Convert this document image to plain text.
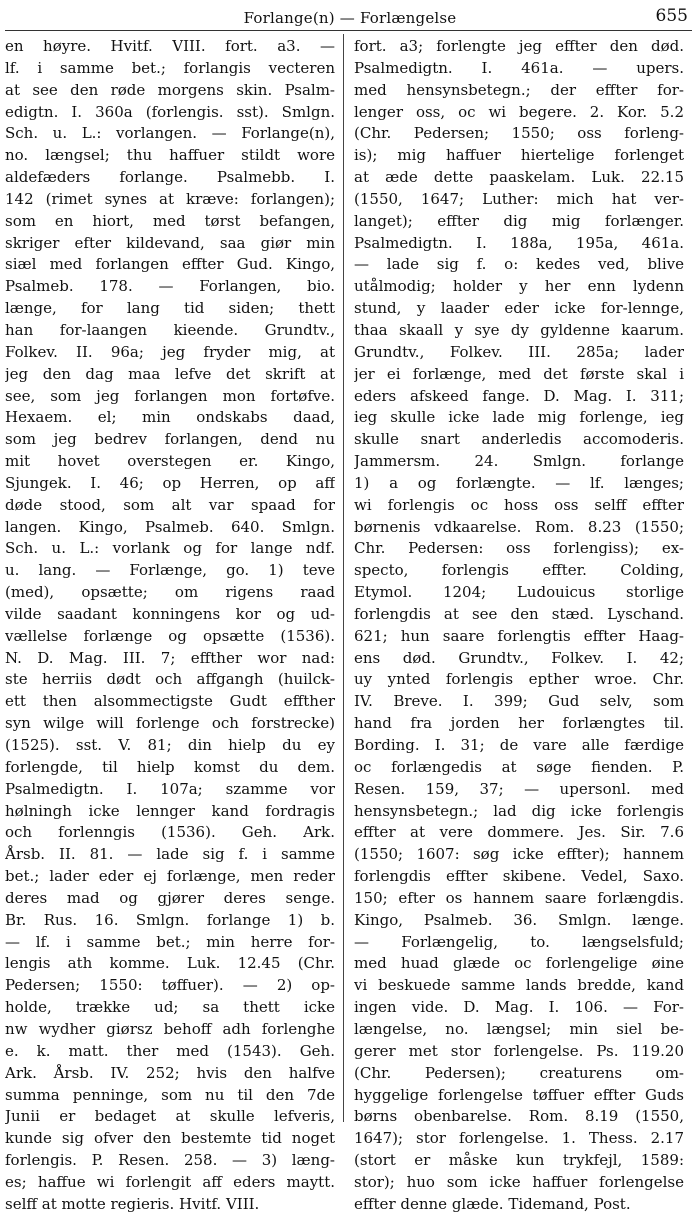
Forlange(n) — Forlængelse	655
en høyre. Hvitf. VIII. fort. a3. —
lf. i samme bet.; forlangis vecteren
at see den røde morgens skin. Psalm-
edigtn. I. 360a (forlengis. sst). Smlgn.
Sch. u. L.: vorlangen. — Forlange(n),
no. længsel; thu haffuer stildt wore
aldefæders forlange. Psalmebb. I.
142 (rimet synes at kræve: forlangen);
som en hiort, med tørst befangen,
skriger efter kildevand, saa giør min
siæl med forlangen effter Gud. Kingo,
Psalmeb. 178. — Forlangen, bio.
længe, for lang tid siden; thett
han for-laangen kieende. Grundtv.,
Folkev. II. 96a; jeg fryder mig, at
jeg den dag maa lefve det skrift at
see, som jeg forlangen mon fortøfve.
Hexaem. el; min ondskabs daad,
som jeg bedrev forlangen, dend nu
mit hovet overstegen er. Kingo,
Sjungek. I. 46; op Herren, op aff
døde stood, som alt var spaad for
langen. Kingo, Psalmeb. 640. Smlgn.
Sch. u. L.: vorlank og for lange ndf.
u. lang. — Forlænge, go. 1) teve
(med), opsætte; om rigens raad
vilde saadant konningens kor og ud-
vællelse forlænge og opsætte (1536).
N. D. Mag. III. 7; effther wor nad:
ste herriis dødt och affgangh (huilck-
ett then alsommectigste Gudt effther
syn wilge will forlenge och forstrecke)
(1525). sst. V. 81; din hielp du ey
forlengde, til hielp komst du dem.
Psalmedigtn. I. 107a; szamme vor
hølningh icke lennger kand fordragis
och forlenngis (1536). Geh. Ark.
Årsb. II. 81. — lade sig f. i samme
bet.; lader eder ej forlænge, men reder
deres mad og gjører deres senge.
Br. Rus. 16. Smlgn. forlange 1) b.
— lf. i samme bet.; min herre for-
lengis ath komme. Luk. 12.45 (Chr.
Pedersen; 1550: tøffuer). — 2) op-
holde, trække ud; sa thett icke
nw wydher giørsz behoff adh forlenghe
e. k. matt. ther med (1543). Geh.
Ark. Årsb. IV. 252; hvis den halfve
summa penninge, som nu til den 7de
Junii er bedaget at skulle lefveris,
kunde sig ofver den bestemte tid noget
forlengis. P. Resen. 258. — 3) læng-
es; haffue wi forlengit aff eders maytt.
selff at motte regieris. Hvitf. VIII.
fort. a3; forlengte jeg effter den død.
Psalmedigtn. I. 461a. — upers.
med hensynsbetegn.; der effter for-
lenger oss, oc wi begere. 2. Kor. 5.2
(Chr. Pedersen; 1550; oss forleng-
is); mig haffuer hiertelige forlenget
at æde dette paaskelam. Luk. 22.15
(1550, 1647; Luther: mich hat ver-
langet); effter dig mig forlænger.
Psalmedigtn. I. 188a, 195a, 461a.
— lade sig f. o: kedes ved, blive
utålmodig; holder y her enn lydenn
stund, y laader eder icke for-lennge,
thaa skaall y sye dy gyldenne kaarum.
Grundtv., Folkev. III. 285a; lader
jer ei forlænge, med det første skal i
eders afskeed fange. D. Mag. I. 311;
ieg skulle icke lade mig forlenge, ieg
skulle snart anderledis accomoderis.
Jammersm. 24. Smlgn. forlange
1) a og forlængte. — lf. længes;
wi forlengis oc hoss oss selff effter
børnenis vdkaarelse. Rom. 8.23 (1550;
Chr. Pedersen: oss forlengiss); ex-
specto, forlengis effter. Colding,
Etymol. 1204; Ludouicus storlige
forlengdis at see den stæd. Lyschand.
621; hun saare forlengtis effter Haag-
ens død. Grundtv., Folkev. I. 42;
uy ynted forlengis epther wroe. Chr.
IV. Breve. I. 399; Gud selv, som
hand fra jorden her forlængtes til.
Bording. I. 31; de vare alle færdige
oc forlængedis at søge fienden. P.
Resen. 159, 37; — upersonl. med
hensynsbetegn.; lad dig icke forlengis
effter at vere dommere. Jes. Sir. 7.6
(1550; 1607: søg icke effter); hannem
forlengdis effter skibene. Vedel, Saxo.
150; efter os hannem saare forlængdis.
Kingo, Psalmeb. 36. Smlgn. længe.
— Forlængelig, to. længselsfuld;
med huad glæde oc forlengelige øine
vi beskuede samme lands bredde, kand
ingen vide. D. Mag. I. 106. — For-
længelse, no. længsel; min siel be-
gerer met stor forlengelse. Ps. 119.20
(Chr. Pedersen); creaturens om-
hyggelige forlengelse tøffuer effter Guds
børns obenbarelse. Rom. 8.19 (1550,
1647); stor forlengelse. 1. Thess. 2.17
(stort er måske kun trykfejl, 1589:
stor); huo som icke haffuer forlengelse
effter denne glæde. Tidemand, Post.
